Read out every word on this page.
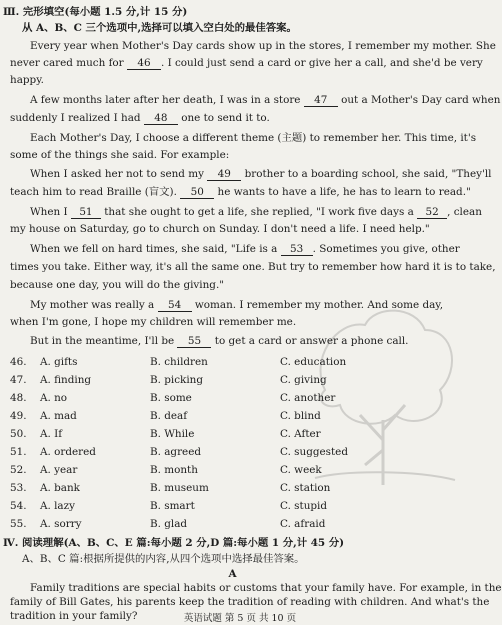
Ⅲ. 完形填空(每小题 1.5 分,计 15 分)
从 A、B、C 三个选项中,选择可以填入空白处的最佳答案。
Every year when Mother's Day cards show up in the stores, I remember my mother. She
never cared much for 46 . I could just send a card or give her a call, and she'd be very
happy.
A few months later after her death, I was in a store 47 out a Mother's Day card when
suddenly I realized I had 48 one to send it to.
Each Mother's Day, I choose a different theme (主题) to remember her. This time, it's
some of the things she said. For example:
When I asked her not to send my 49 brother to a boarding school, she said, "They'll
teach him to read Braille (盲文). 50 he wants to have a life, he has to learn to read."
When I 51 that she ought to get a life, she replied, "I work five days a 52 , clean
my house on Saturday, go to church on Sunday. I don't need a life. I need help."
When we fell on hard times, she said, "Life is a 53 . Sometimes you give, other
times you take. Either way, it's all the same one. But try to remember how hard it is to take,
because one day, you will do the giving."
My mother was really a 54 woman. I remember my mother. And some day,
when I'm gone, I hope my children will remember me.
But in the meantime, I'll be 55 to get a card or answer a phone call.
46. A. gifts	B. children	C. education
47. A. finding	B. picking	C. giving
48. A. no	B. some	C. another
49. A. mad	B. deaf	C. blind
50. A. If	B. While	C. After
51. A. ordered	B. agreed	C. suggested
52. A. year	B. month	C. week
53. A. bank	B. museum	C. station
54. A. lazy	B. smart	C. stupid
55. A. sorry	B. glad	C. afraid
Ⅳ. 阅读理解(A、B、C、E 篇:每小题 2 分,D 篇:每小题 1 分,计 45 分)
A、B、C 篇:根据所提供的内容,从四个选项中选择最佳答案。
A
Family traditions are special habits or customs that your family have. For example, in the
family of Bill Gates, his parents keep the tradition of reading with children. And what's the
tradition in your family?	英语试题 第 5 页 共 10 页
